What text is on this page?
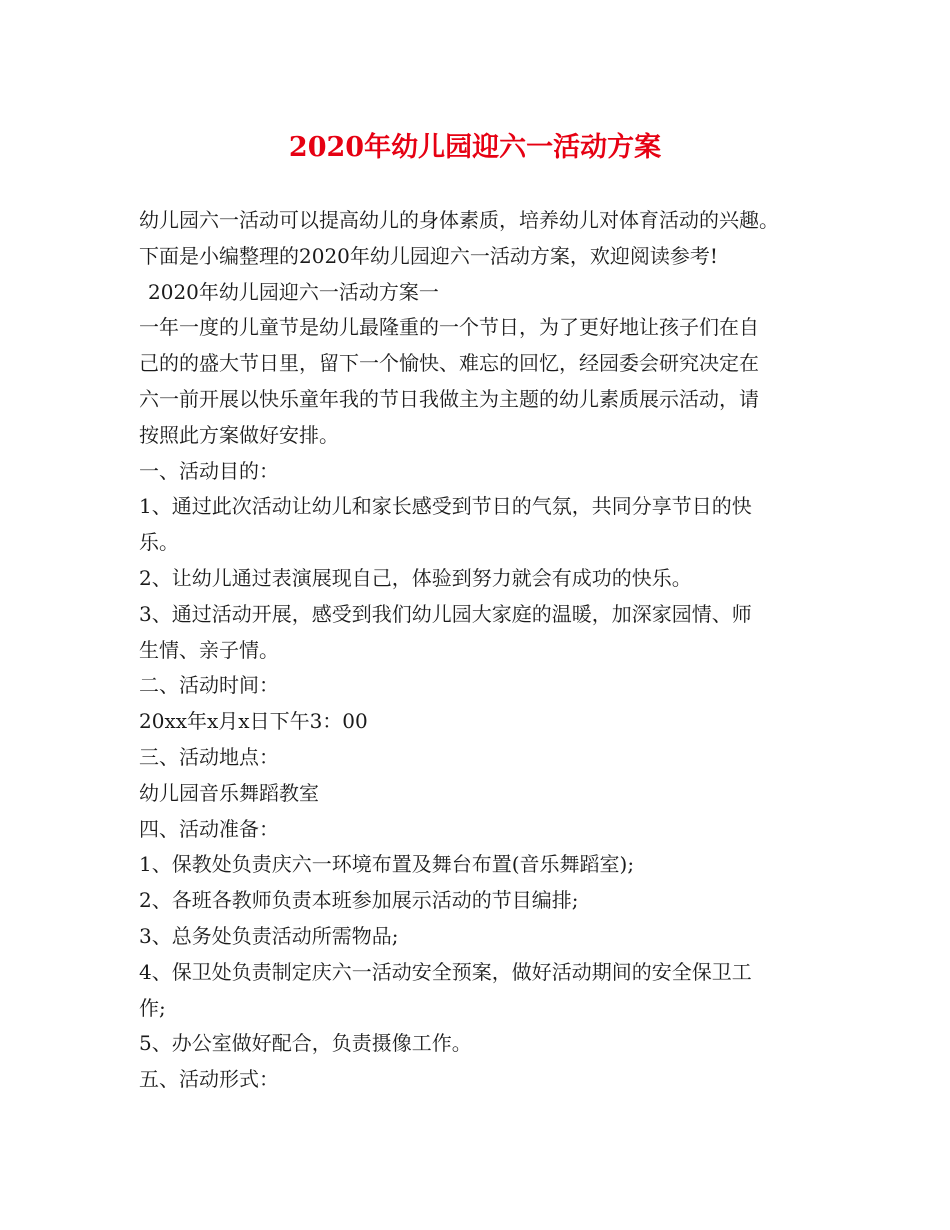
2020年幼儿园迎六一活动方案
幼儿园六一活动可以提高幼儿的身体素质，培养幼儿对体育活动的兴趣。
下面是小编整理的2020年幼儿园迎六一活动方案，欢迎阅读参考!
2020年幼儿园迎六一活动方案一
一年一度的儿童节是幼儿最隆重的一个节日，为了更好地让孩子们在自
己的的盛大节日里，留下一个愉快、难忘的回忆，经园委会研究决定在
六一前开展以快乐童年我的节日我做主为主题的幼儿素质展示活动，请
按照此方案做好安排。
一、活动目的：
1、通过此次活动让幼儿和家长感受到节日的气氛，共同分享节日的快
乐。
2、让幼儿通过表演展现自己，体验到努力就会有成功的快乐。
3、通过活动开展，感受到我们幼儿园大家庭的温暖，加深家园情、师
生情、亲子情。
二、活动时间：
20xx年x月x日下午3：00
三、活动地点：
幼儿园音乐舞蹈教室
四、活动准备：
1、保教处负责庆六一环境布置及舞台布置(音乐舞蹈室);
2、各班各教师负责本班参加展示活动的节目编排;
3、总务处负责活动所需物品;
4、保卫处负责制定庆六一活动安全预案，做好活动期间的安全保卫工
作;
5、办公室做好配合，负责摄像工作。
五、活动形式：
